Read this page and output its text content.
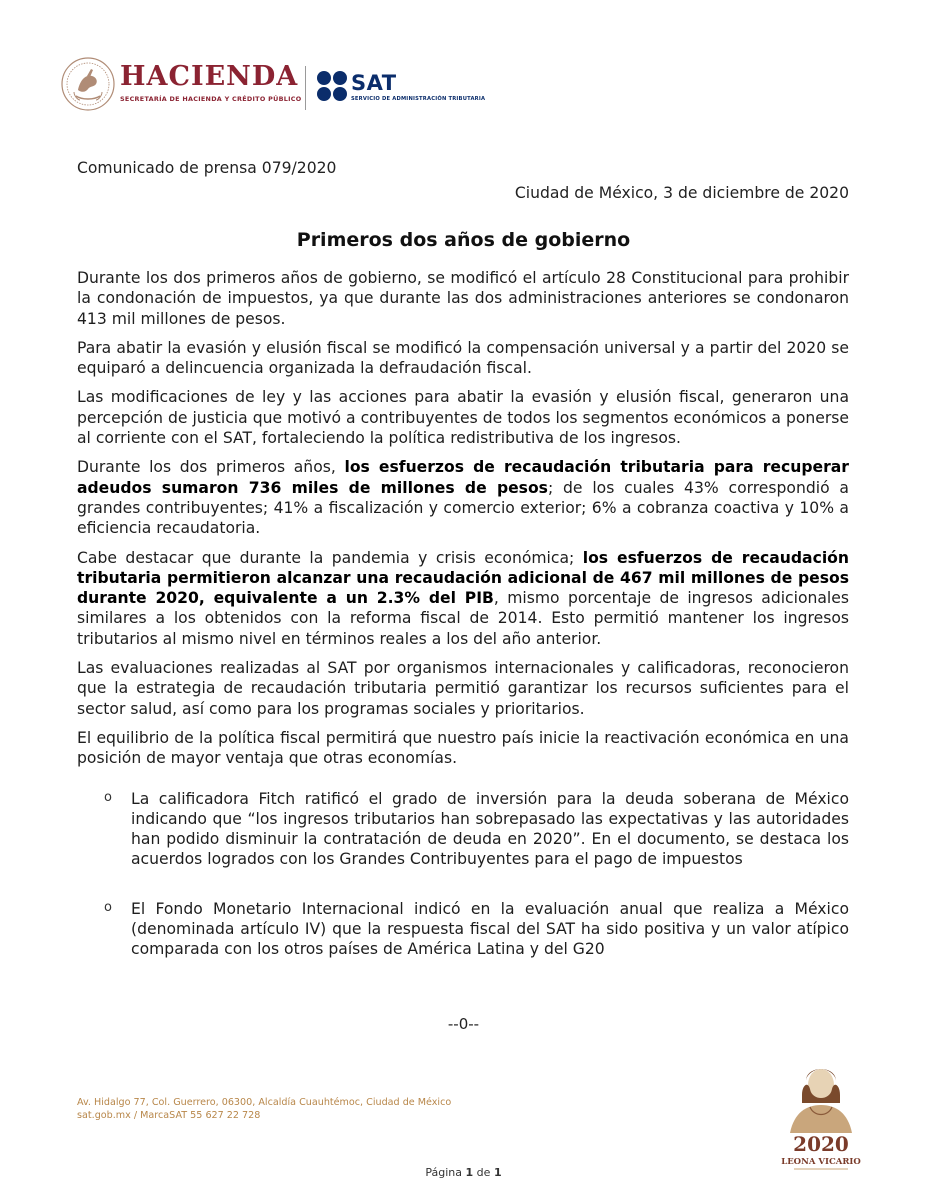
HACIENDA
SECRETARÍA DE HACIENDA Y CRÉDITO PÚBLICO
SAT
SERVICIO DE ADMINISTRACIÓN TRIBUTARIA
Comunicado de prensa 079/2020
Ciudad de México, 3 de diciembre de 2020
Primeros dos años de gobierno

Durante los dos primeros años de gobierno, se modificó el artículo 28 Constitucional para prohibir la condonación de impuestos, ya que durante las dos administraciones anteriores se condonaron 413 mil millones de pesos.

Para abatir la evasión y elusión fiscal se modificó la compensación universal y a partir del 2020 se equiparó a delincuencia organizada la defraudación fiscal.

Las modificaciones de ley y las acciones para abatir la evasión y elusión fiscal, generaron una percepción de justicia que motivó a contribuyentes de todos los segmentos económicos a ponerse al corriente con el SAT, fortaleciendo la política redistributiva de los ingresos.

Durante los dos primeros años, los esfuerzos de recaudación tributaria para recuperar adeudos sumaron 736 miles de millones de pesos; de los cuales 43% correspondió a grandes contribuyentes; 41% a fiscalización y comercio exterior; 6% a cobranza coactiva y 10% a eficiencia recaudatoria.

Cabe destacar que durante la pandemia y crisis económica; los esfuerzos de recaudación tributaria permitieron alcanzar una recaudación adicional de 467 mil millones de pesos durante 2020, equivalente a un 2.3% del PIB, mismo porcentaje de ingresos adicionales similares a los obtenidos con la reforma fiscal de 2014. Esto permitió mantener los ingresos tributarios al mismo nivel en términos reales a los del año anterior.

Las evaluaciones realizadas al SAT por organismos internacionales y calificadoras, reconocieron que la estrategia de recaudación tributaria permitió garantizar los recursos suficientes para el sector salud, así como para los programas sociales y prioritarios.

El equilibrio de la política fiscal permitirá que nuestro país inicie la reactivación económica en una posición de mayor ventaja que otras economías.

o La calificadora Fitch ratificó el grado de inversión para la deuda soberana de México indicando que “los ingresos tributarios han sobrepasado las expectativas y las autoridades han podido disminuir la contratación de deuda en 2020”. En el documento, se destaca los acuerdos logrados con los Grandes Contribuyentes para el pago de impuestos
o El Fondo Monetario Internacional indicó en la evaluación anual que realiza a México (denominada artículo IV) que la respuesta fiscal del SAT ha sido positiva y un valor atípico comparada con los otros países de América Latina y del G20
--0--
Av. Hidalgo 77, Col. Guerrero, 06300, Alcaldía Cuauhtémoc, Ciudad de México
sat.gob.mx / MarcaSAT 55 627 22 728
2020
LEONA VICARIO
Página 1 de 1
